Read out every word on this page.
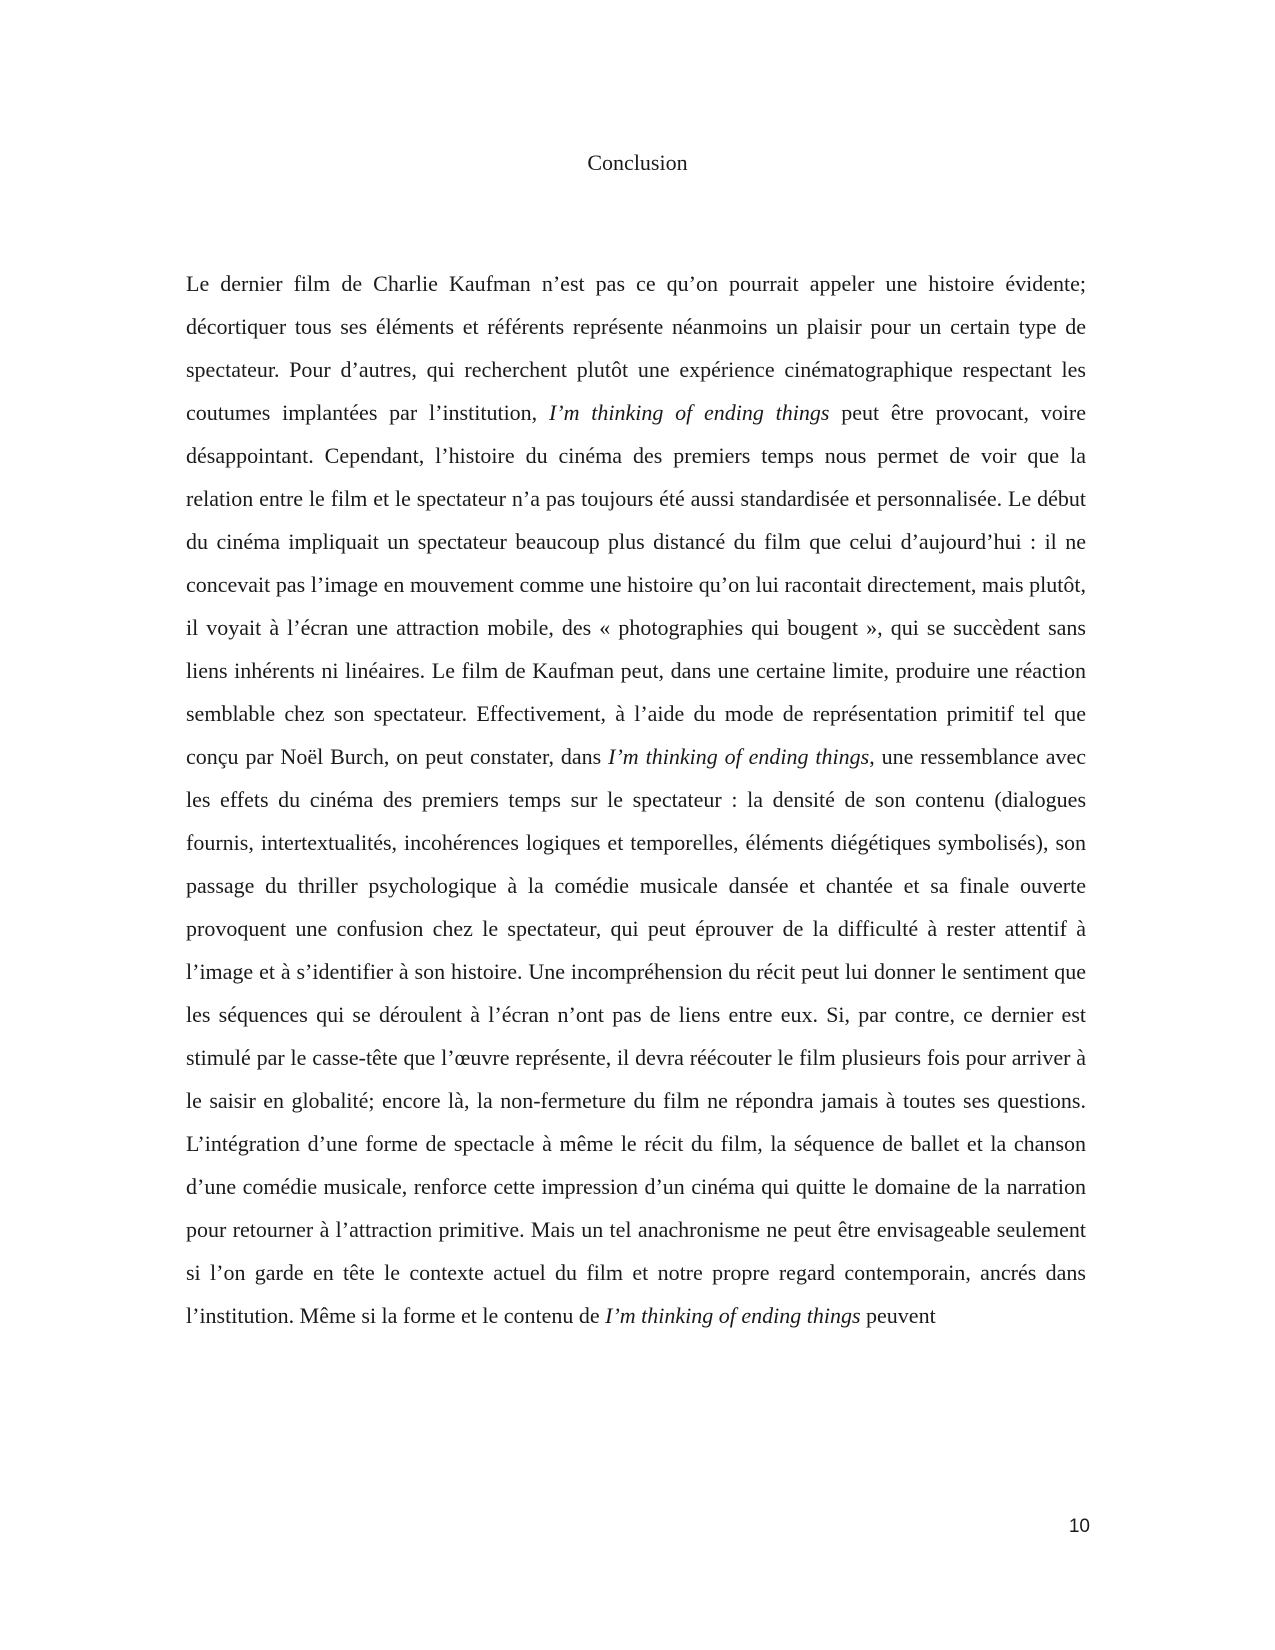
Conclusion

Le dernier film de Charlie Kaufman n’est pas ce qu’on pourrait appeler une histoire évidente; décortiquer tous ses éléments et référents représente néanmoins un plaisir pour un certain type de spectateur. Pour d’autres, qui recherchent plutôt une expérience cinématographique respectant les coutumes implantées par l’institution, I’m thinking of ending things peut être provocant, voire désappointant. Cependant, l’histoire du cinéma des premiers temps nous permet de voir que la relation entre le film et le spectateur n’a pas toujours été aussi standardisée et personnalisée. Le début du cinéma impliquait un spectateur beaucoup plus distancé du film que celui d’aujourd’hui : il ne concevait pas l’image en mouvement comme une histoire qu’on lui racontait directement, mais plutôt, il voyait à l’écran une attraction mobile, des « photographies qui bougent », qui se succèdent sans liens inhérents ni linéaires. Le film de Kaufman peut, dans une certaine limite, produire une réaction semblable chez son spectateur. Effectivement, à l’aide du mode de représentation primitif tel que conçu par Noël Burch, on peut constater, dans I’m thinking of ending things, une ressemblance avec les effets du cinéma des premiers temps sur le spectateur : la densité de son contenu (dialogues fournis, intertextualités, incohérences logiques et temporelles, éléments diégétiques symbolisés), son passage du thriller psychologique à la comédie musicale dansée et chantée et sa finale ouverte provoquent une confusion chez le spectateur, qui peut éprouver de la difficulté à rester attentif à l’image et à s’identifier à son histoire. Une incompréhension du récit peut lui donner le sentiment que les séquences qui se déroulent à l’écran n’ont pas de liens entre eux. Si, par contre, ce dernier est stimulé par le casse-tête que l’œuvre représente, il devra réécouter le film plusieurs fois pour arriver à le saisir en globalité; encore là, la non-fermeture du film ne répondra jamais à toutes ses questions. L’intégration d’une forme de spectacle à même le récit du film, la séquence de ballet et la chanson d’une comédie musicale, renforce cette impression d’un cinéma qui quitte le domaine de la narration pour retourner à l’attraction primitive. Mais un tel anachronisme ne peut être envisageable seulement si l’on garde en tête le contexte actuel du film et notre propre regard contemporain, ancrés dans l’institution. Même si la forme et le contenu de I’m thinking of ending things peuvent

10
